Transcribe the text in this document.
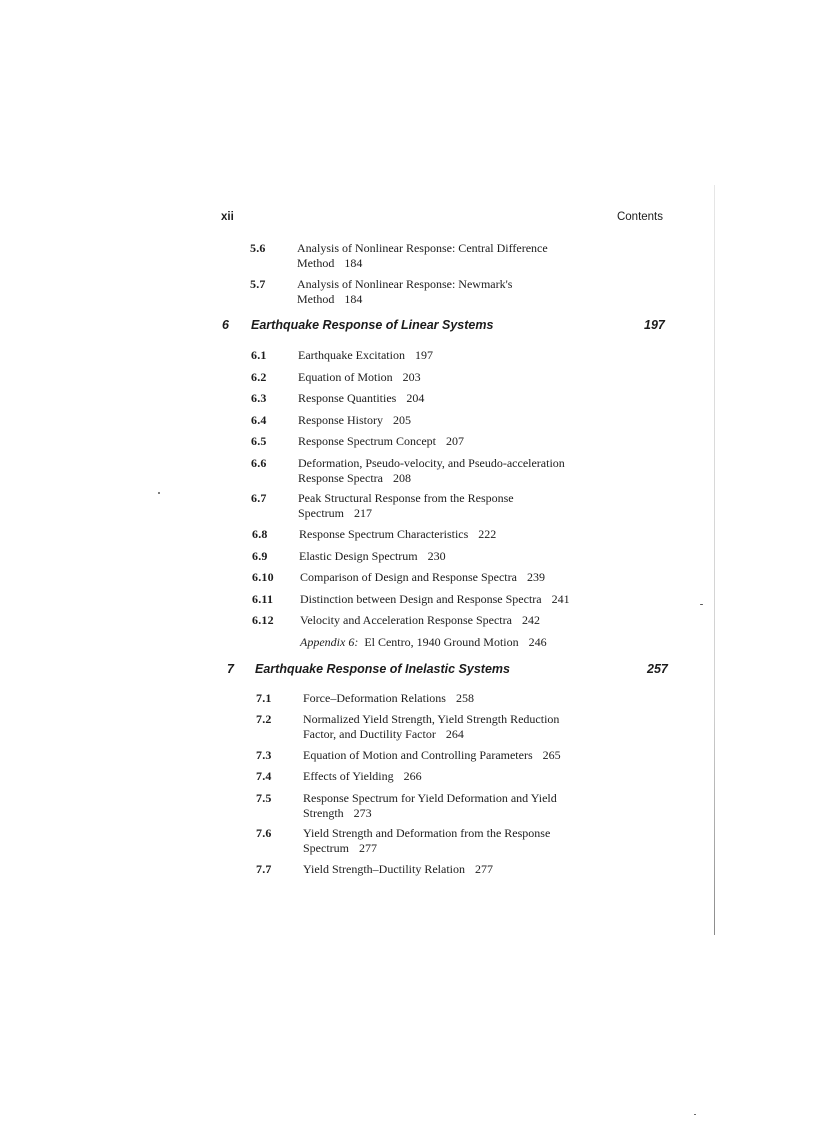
xii	Contents
5.6	Analysis of Nonlinear Response: Central Difference
Method 184
5.7	Analysis of Nonlinear Response: Newmark's
Method 184
6 Earthquake Response of Linear Systems	197
6.1	Earthquake Excitation 197
6.2	Equation of Motion 203
6.3	Response Quantities 204
6.4	Response History 205
6.5	Response Spectrum Concept 207
6.6	Deformation, Pseudo-velocity, and Pseudo-acceleration
Response Spectra 208
6.7	Peak Structural Response from the Response
Spectrum 217
6.8	Response Spectrum Characteristics 222
6.9	Elastic Design Spectrum 230
6.10 Comparison of Design and Response Spectra 239
6.11 Distinction between Design and Response Spectra 241
6.12 Velocity and Acceleration Response Spectra 242
Appendix 6: El Centro, 1940 Ground Motion 246
7 Earthquake Response of Inelastic Systems	257
7.1	Force–Deformation Relations 258
7.2	Normalized Yield Strength, Yield Strength Reduction
Factor, and Ductility Factor 264
7.3	Equation of Motion and Controlling Parameters 265
7.4	Effects of Yielding 266
7.5	Response Spectrum for Yield Deformation and Yield
Strength 273
7.6	Yield Strength and Deformation from the Response
Spectrum 277
7.7	Yield Strength–Ductility Relation 277
